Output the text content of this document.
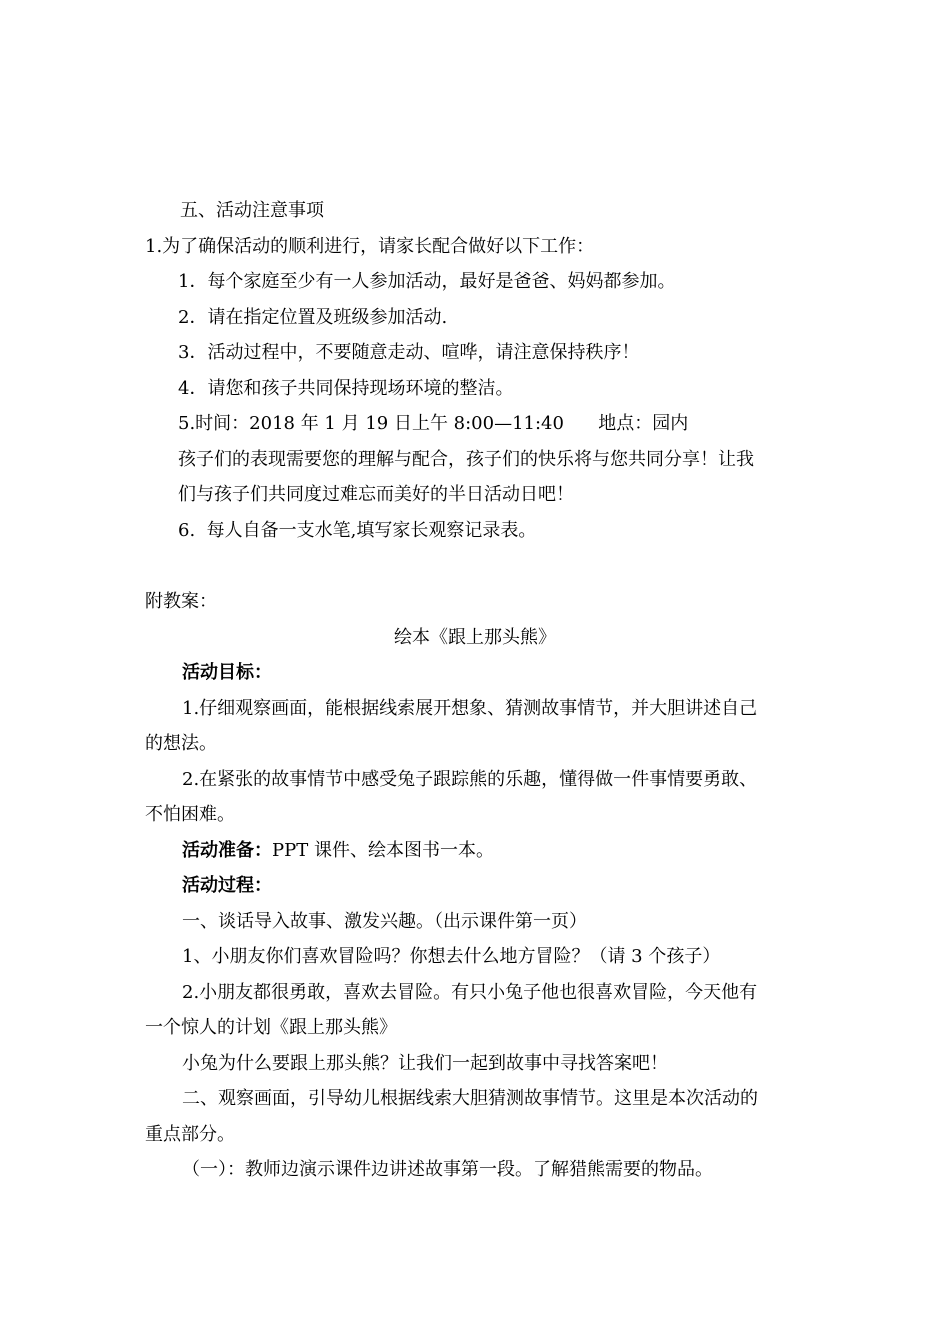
五、活动注意事项
1.为了确保活动的顺利进行，请家长配合做好以下工作：
1．每个家庭至少有一人参加活动，最好是爸爸、妈妈都参加。
2．请在指定位置及班级参加活动.
3．活动过程中，不要随意走动、喧哗，请注意保持秩序！
4．请您和孩子共同保持现场环境的整洁。
5.时间：2018 年 1 月 19 日上午 8:00—11:40      地点：园内
孩子们的表现需要您的理解与配合，孩子们的快乐将与您共同分享！让我
们与孩子们共同度过难忘而美好的半日活动日吧！
6.  每人自备一支水笔,填写家长观察记录表。
附教案：
绘本《跟上那头熊》
活动目标：
1.仔细观察画面，能根据线索展开想象、猜测故事情节，并大胆讲述自己
的想法。
2.在紧张的故事情节中感受兔子跟踪熊的乐趣，懂得做一件事情要勇敢、
不怕困难。
活动准备：PPT 课件、绘本图书一本。
活动过程：
一、谈话导入故事、激发兴趣。（出示课件第一页）
1、小朋友你们喜欢冒险吗？你想去什么地方冒险？（请 3 个孩子）
2.小朋友都很勇敢，喜欢去冒险。有只小兔子他也很喜欢冒险，今天他有
一个惊人的计划《跟上那头熊》
小兔为什么要跟上那头熊？让我们一起到故事中寻找答案吧！
二、观察画面，引导幼儿根据线索大胆猜测故事情节。这里是本次活动的
重点部分。
（一）：教师边演示课件边讲述故事第一段。了解猎熊需要的物品。
